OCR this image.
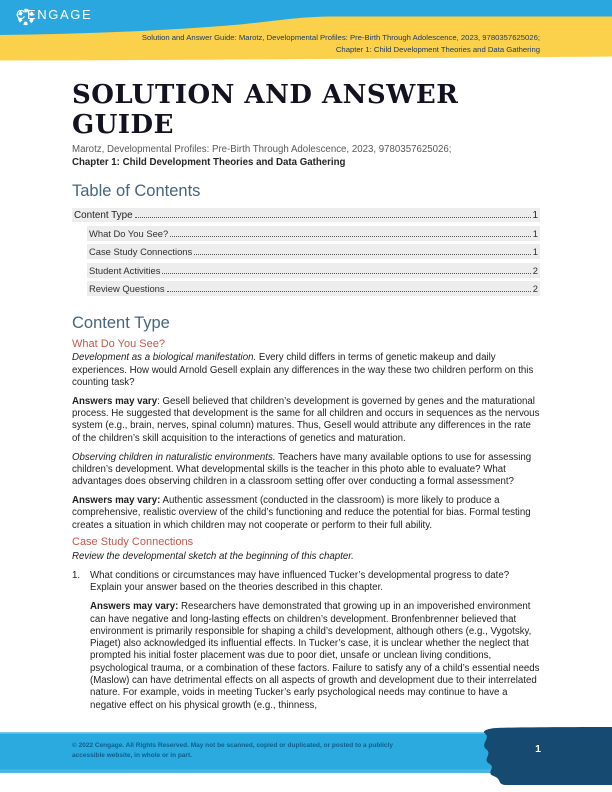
CENGAGE
Solution and Answer Guide: Marotz, Developmental Profiles: Pre-Birth Through Adolescence, 2023, 9780357625026;
Chapter 1: Child Development Theories and Data Gathering
SOLUTION AND ANSWER GUIDE

Marotz, Developmental Profiles: Pre-Birth Through Adolescence, 2023, 9780357625026;
Chapter 1: Child Development Theories and Data Gathering

Table of Contents
Content Type	1
What Do You See?	1
Case Study Connections	1
Student Activities	2
Review Questions	2
Content Type
What Do You See?

Development as a biological manifestation. Every child differs in terms of genetic makeup and daily experiences. How would Arnold Gesell explain any differences in the way these two children perform on this counting task?

Answers may vary: Gesell believed that children’s development is governed by genes and the maturational process. He suggested that development is the same for all children and occurs in sequences as the nervous system (e.g., brain, nerves, spinal column) matures. Thus, Gesell would attribute any differences in the rate of the children’s skill acquisition to the interactions of genetics and maturation.

Observing children in naturalistic environments. Teachers have many available options to use for assessing children’s development. What developmental skills is the teacher in this photo able to evaluate? What advantages does observing children in a classroom setting offer over conducting a formal assessment?

Answers may vary: Authentic assessment (conducted in the classroom) is more likely to produce a comprehensive, realistic overview of the child’s functioning and reduce the potential for bias. Formal testing creates a situation in which children may not cooperate or perform to their full ability.

Case Study Connections

Review the developmental sketch at the beginning of this chapter.

1.	What conditions or circumstances may have influenced Tucker’s developmental progress to date? Explain your answer based on the theories described in this chapter.

Answers may vary: Researchers have demonstrated that growing up in an impoverished environment can have negative and long-lasting effects on children’s development. Bronfenbrenner believed that environment is primarily responsible for shaping a child’s development, although others (e.g., Vygotsky, Piaget) also acknowledged its influential effects. In Tucker’s case, it is unclear whether the neglect that prompted his initial foster placement was due to poor diet, unsafe or unclean living conditions, psychological trauma, or a combination of these factors. Failure to satisfy any of a child’s essential needs (Maslow) can have detrimental effects on all aspects of growth and development due to their interrelated nature. For example, voids in meeting Tucker’s early psychological needs may continue to have a negative effect on his physical growth (e.g., thinness,

© 2022 Cengage. All Rights Reserved. May not be scanned, copied or duplicated, or posted to a publicly accessible website, in whole or in part.
1
